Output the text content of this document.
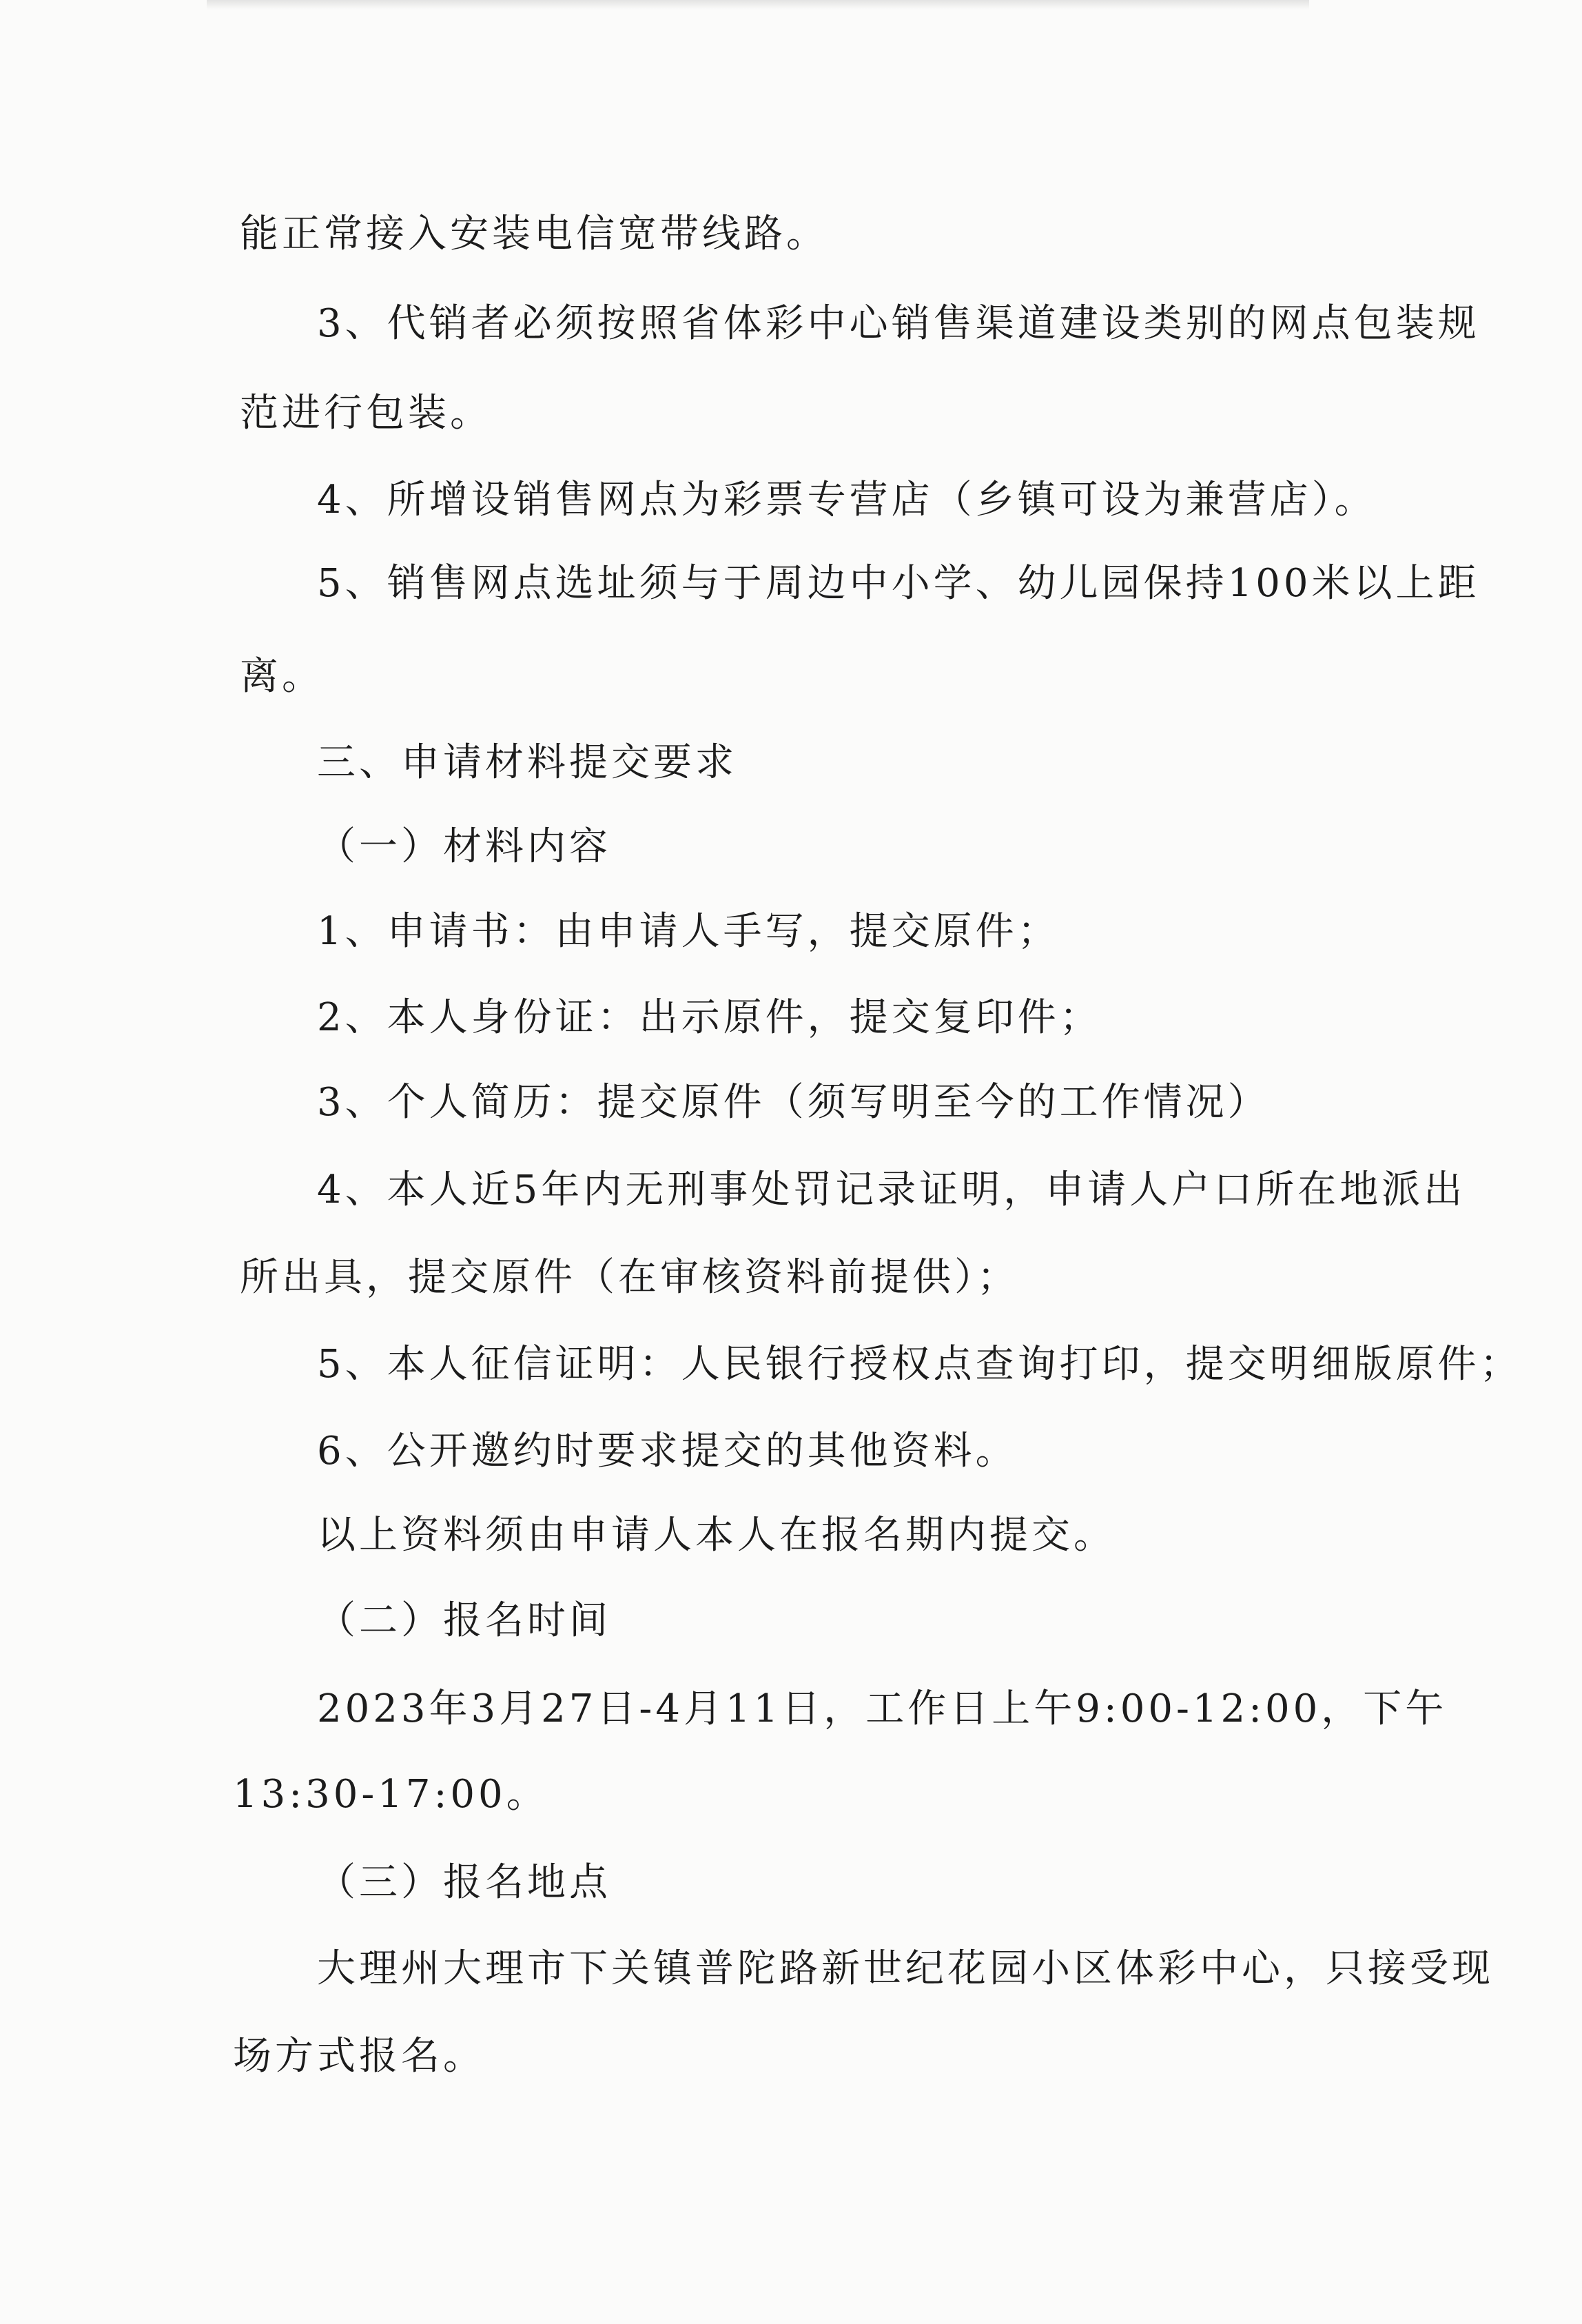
能正常接入安装电信宽带线路。
3、代销者必须按照省体彩中心销售渠道建设类别的网点包装规
范进行包装。
4、所增设销售网点为彩票专营店（乡镇可设为兼营店）。
5、销售网点选址须与于周边中小学、幼儿园保持100米以上距
离。
三、申请材料提交要求
（一）材料内容
1、申请书：由申请人手写，提交原件；
2、本人身份证：出示原件，提交复印件；
3、个人简历：提交原件（须写明至今的工作情况）
4、本人近5年内无刑事处罚记录证明，申请人户口所在地派出
所出具，提交原件（在审核资料前提供）；
5、本人征信证明：人民银行授权点查询打印，提交明细版原件；
6、公开邀约时要求提交的其他资料。
以上资料须由申请人本人在报名期内提交。
（二）报名时间
2023年3月27日-4月11日，工作日上午9:00-12:00，下午
13:30-17:00。
（三）报名地点
大理州大理市下关镇普陀路新世纪花园小区体彩中心，只接受现
场方式报名。
